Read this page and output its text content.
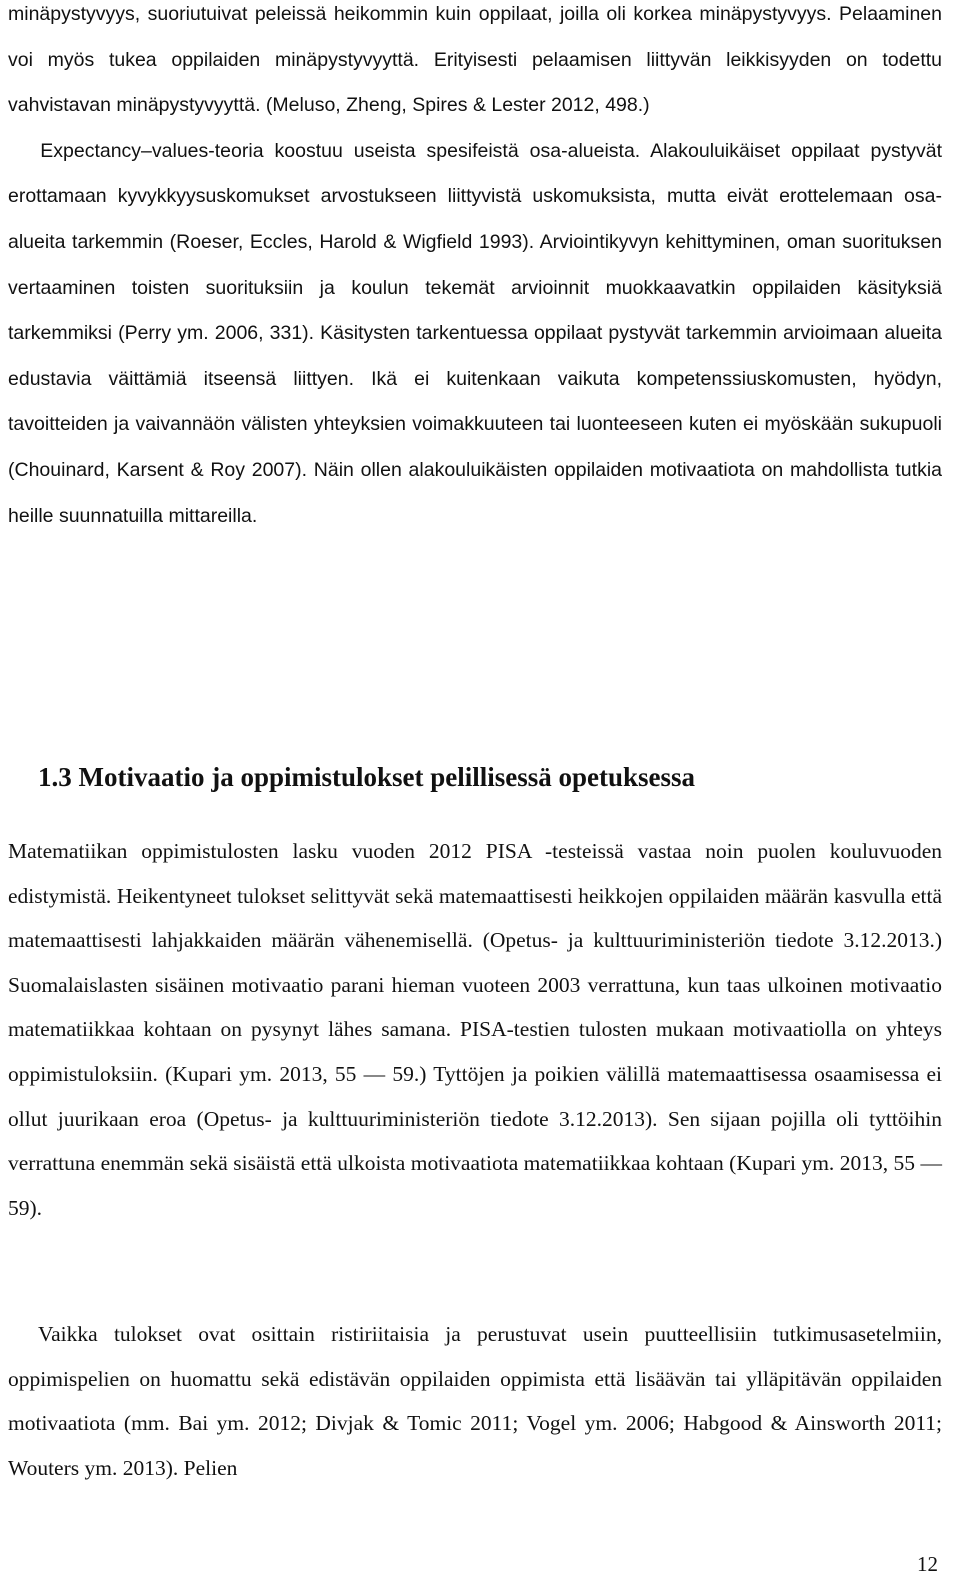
minäpystyvyys, suoriutuivat peleissä heikommin kuin oppilaat, joilla oli korkea minäpystyvyys. Pelaaminen voi myös tukea oppilaiden minäpystyvyyttä. Erityisesti pelaamisen liittyvän leikkisyyden on todettu vahvistavan minäpystyvyyttä. (Meluso, Zheng, Spires & Lester 2012, 498.)
  Expectancy–values-teoria koostuu useista spesifeistä osa-alueista. Alakouluikäiset oppilaat pystyvät erottamaan kyvykkyysuskomukset arvostukseen liittyvistä uskomuksista, mutta eivät erottelemaan osa-alueita tarkemmin (Roeser, Eccles, Harold & Wigfield 1993). Arviointikyvyn kehittyminen, oman suorituksen vertaaminen toisten suorituksiin ja koulun tekemät arvioinnit muokkaavatkin oppilaiden käsityksiä tarkemmiksi (Perry ym. 2006, 331). Käsitysten tarkentuessa oppilaat pystyvät tarkemmin arvioimaan alueita edustavia väittämiä itseensä liittyen. Ikä ei kuitenkaan vaikuta kompetenssiuskomusten, hyödyn, tavoitteiden ja vaivannäön välisten yhteyksien voimakkuuteen tai luonteeseen kuten ei myöskään sukupuoli (Chouinard, Karsent & Roy 2007). Näin ollen alakouluikäisten oppilaiden motivaatiota on mahdollista tutkia heille suunnatuilla mittareilla.

1.3 Motivaatio ja oppimistulokset pelillisessä opetuksessa

Matematiikan oppimistulosten lasku vuoden 2012 PISA -testeissä vastaa noin puolen kouluvuoden edistymistä. Heikentyneet tulokset selittyvät sekä matemaattisesti heikkojen oppilaiden määrän kasvulla että matemaattisesti lahjakkaiden määrän vähenemisellä. (Opetus- ja kulttuuriministeriön tiedote 3.12.2013.) Suomalaislasten sisäinen motivaatio parani hieman vuoteen 2003 verrattuna, kun taas ulkoinen motivaatio matematiikkaa kohtaan on pysynyt lähes samana. PISA-testien tulosten mukaan motivaatiolla on yhteys oppimistuloksiin. (Kupari ym. 2013, 55 — 59.) Tyttöjen ja poikien välillä matemaattisessa osaamisessa ei ollut juurikaan eroa (Opetus- ja kulttuuriministeriön tiedote 3.12.2013). Sen sijaan pojilla oli tyttöihin verrattuna enemmän sekä sisäistä että ulkoista motivaatiota matematiikkaa kohtaan (Kupari ym. 2013, 55 — 59).

Vaikka tulokset ovat osittain ristiriitaisia ja perustuvat usein puutteellisiin tutkimusasetelmiin, oppimispelien on huomattu sekä edistävän oppilaiden oppimista että lisäävän tai ylläpitävän oppilaiden motivaatiota (mm. Bai ym. 2012; Divjak & Tomic 2011; Vogel ym. 2006; Habgood & Ainsworth 2011; Wouters ym. 2013). Pelien

12
